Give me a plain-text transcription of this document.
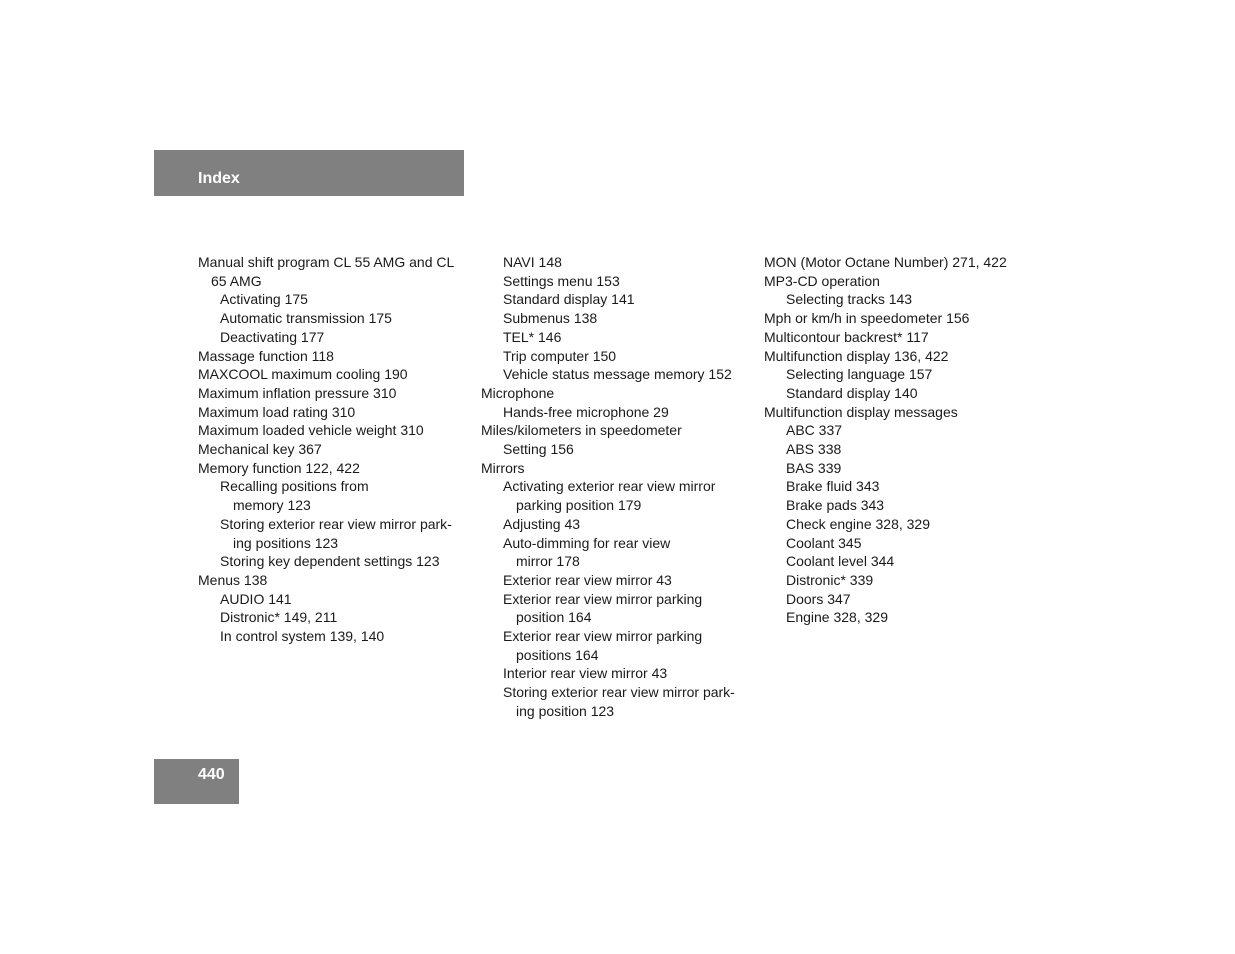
Index
Manual shift program CL 55 AMG and CL
65 AMG
Activating 175
Automatic transmission 175
Deactivating 177
Massage function 118
MAXCOOL maximum cooling 190
Maximum inflation pressure 310
Maximum load rating 310
Maximum loaded vehicle weight 310
Mechanical key 367
Memory function 122, 422
Recalling positions from
memory 123
Storing exterior rear view mirror park-
ing positions 123
Storing key dependent settings 123
Menus 138
AUDIO 141
Distronic* 149, 211
In control system 139, 140
NAVI 148
Settings menu 153
Standard display 141
Submenus 138
TEL* 146
Trip computer 150
Vehicle status message memory 152
Microphone
Hands-free microphone 29
Miles/kilometers in speedometer
Setting 156
Mirrors
Activating exterior rear view mirror
parking position 179
Adjusting 43
Auto-dimming for rear view
mirror 178
Exterior rear view mirror 43
Exterior rear view mirror parking
position 164
Exterior rear view mirror parking
positions 164
Interior rear view mirror 43
Storing exterior rear view mirror park-
ing position 123
MON (Motor Octane Number) 271, 422
MP3-CD operation
Selecting tracks 143
Mph or km/h in speedometer 156
Multicontour backrest* 117
Multifunction display 136, 422
Selecting language 157
Standard display 140
Multifunction display messages
ABC 337
ABS 338
BAS 339
Brake fluid 343
Brake pads 343
Check engine 328, 329
Coolant 345
Coolant level 344
Distronic* 339
Doors 347
Engine 328, 329
440
